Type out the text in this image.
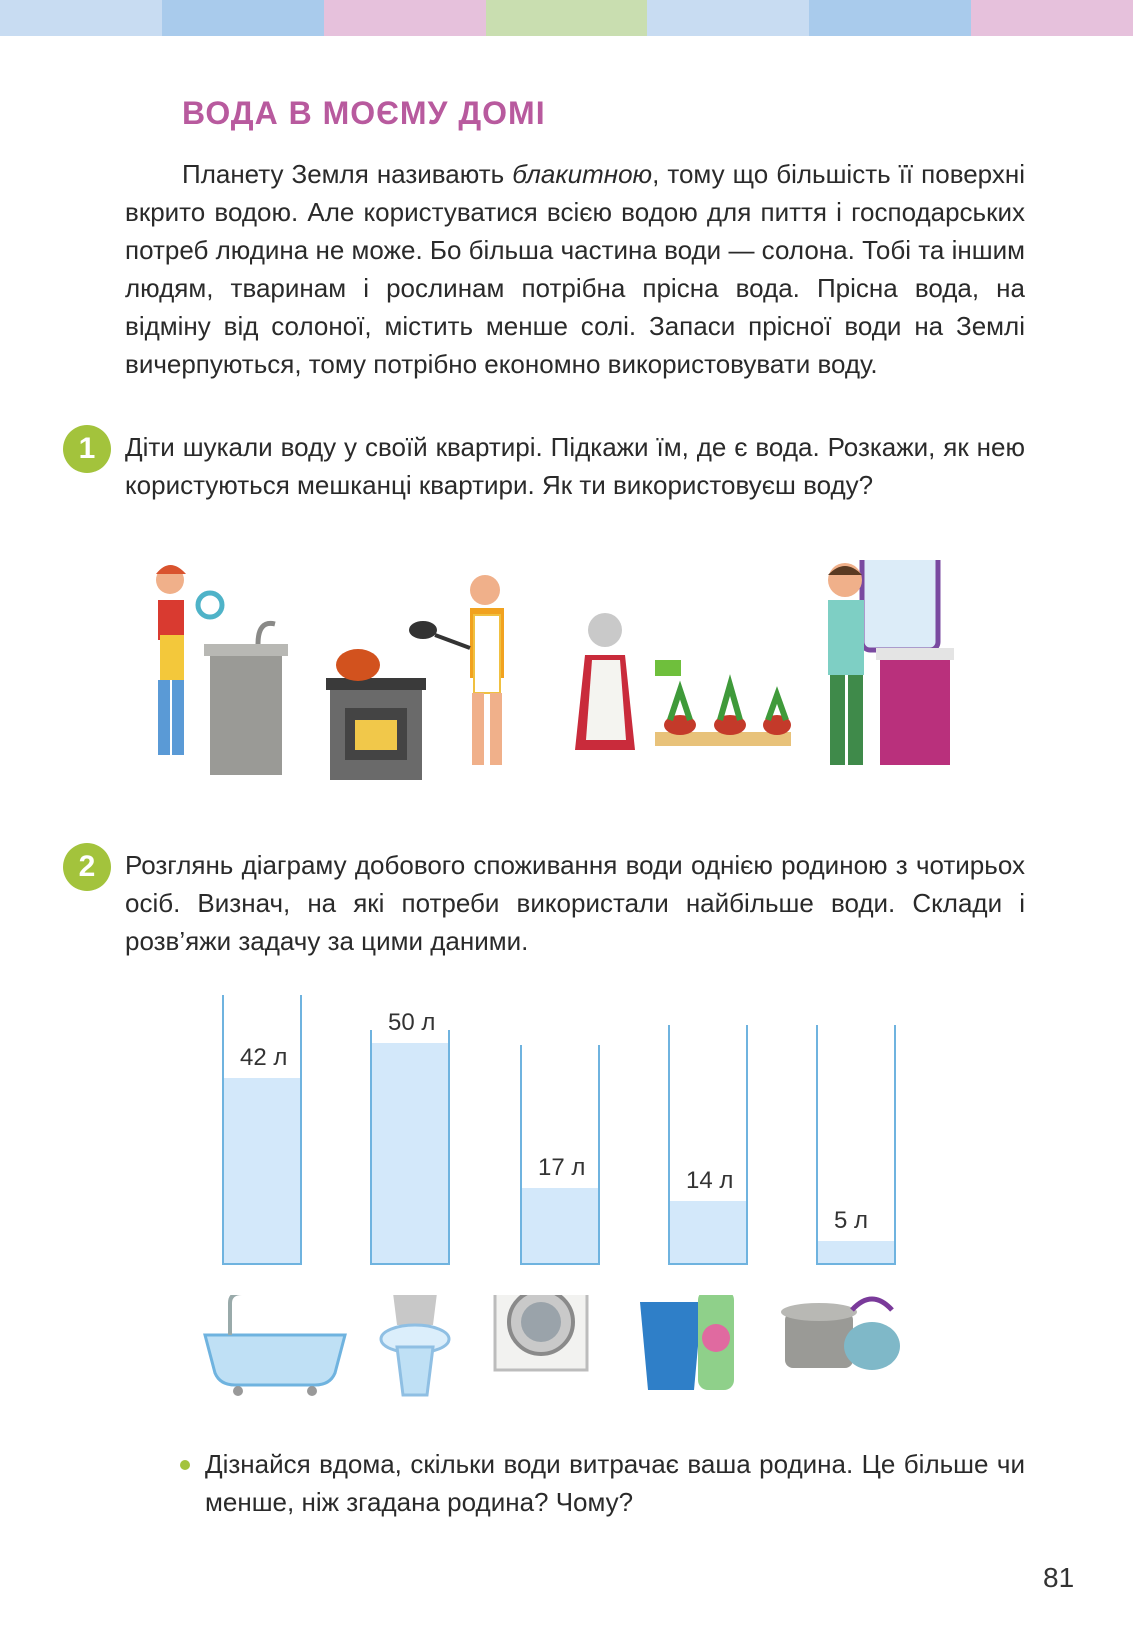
ВОДА В МОЄМУ ДОМІ

Планету Земля називають блакитною, тому що більшість її поверхні вкрито водою. Але користуватися всією водою для пиття і господарських потреб людина не може. Бо більша частина води — солона. Тобі та іншим людям, тваринам і рослинам потрібна прісна вода. Прісна вода, на відміну від солоної, містить менше солі. Запаси прісної води на Землі вичерпуються, тому потрібно економно використовувати воду.

1	Діти шукали воду у своїй квартирі. Підкажи їм, де є вода. Розкажи, як нею користуються мешканці квартири. Як ти використовуєш воду?

2	Розглянь діаграму добового споживання води однією родиною з чотирьох осіб. Визнач, на які потреби використали найбільше води. Склади і розв’яжи задачу за цими даними.

42 л
50 л
17 л	14 л
5 л

Дізнайся вдома, скільки води витрачає ваша родина. Це більше чи менше, ніж згадана родина? Чому?

81
